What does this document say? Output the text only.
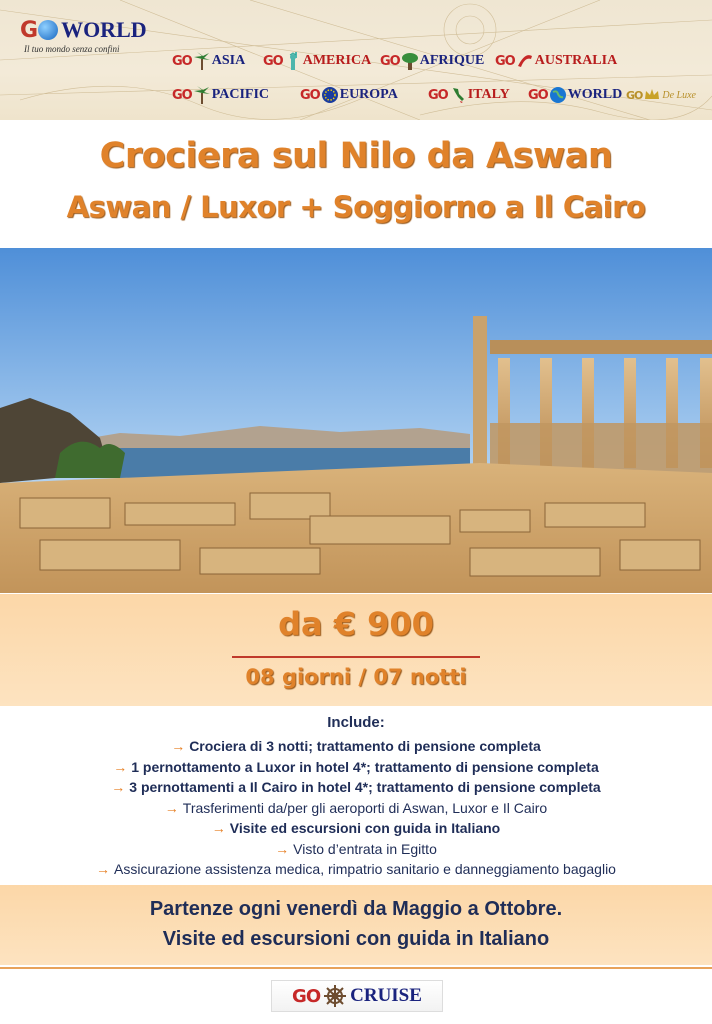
G WORLD
Il tuo mondo senza confini
GO ASIA GO AMERICA GO AFRIQUE GO AUSTRALIA
GO PACIFIC GO EUROPA GO ITALY GO WORLD GO De Luxe
Crociera sul Nilo da Aswan
Aswan / Luxor + Soggiorno a Il Cairo
da € 900
08 giorni / 07 notti
Include:
→ Crociera di 3 notti; trattamento di pensione completa
→ 1 pernottamento a Luxor in hotel 4*; trattamento di pensione completa
→ 3 pernottamenti a Il Cairo in hotel 4*; trattamento di pensione completa
→ Trasferimenti da/per gli aeroporti di Aswan, Luxor e Il Cairo
→ Visite ed escursioni con guida in Italiano
→ Visto d’entrata in Egitto
→ Assicurazione assistenza medica, rimpatrio sanitario e danneggiamento bagaglio
Partenze ogni venerdì da Maggio a Ottobre.
Visite ed escursioni con guida in Italiano
GO CRUISE
